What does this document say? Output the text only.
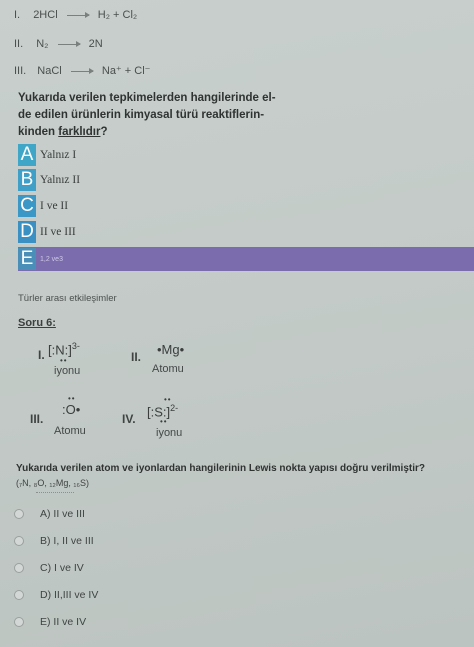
I. 2HCl	H₂ + Cl₂
II. N₂	2N
III. NaCl	Na⁺ + Cl⁻
Yukarıda verilen tepkimelerden hangilerinde el-
de edilen ürünlerin kimyasal türü reaktiflerin-
kinden farklıdır?
A Yalnız I
B Yalnız II
C I ve II
D II ve III
E 1,2 ve3
Türler arası etkileşimler
Soru 6:
I. [:N:]$^{3-}$
••
iyonu
II. •Mg•
Atomu
••
III.
:O•
Atomu
••
IV. [:S:]$^{2-}$
••
iyonu
Yukarıda verilen atom ve iyonlardan hangilerinin Lewis nokta yapısı doğru verilmiştir?
(₇N, ₈O, ₁₂Mg, ₁₆S)
A) II ve III
B) I, II ve III
C) I ve IV
D) II,III ve IV
E) II ve IV
